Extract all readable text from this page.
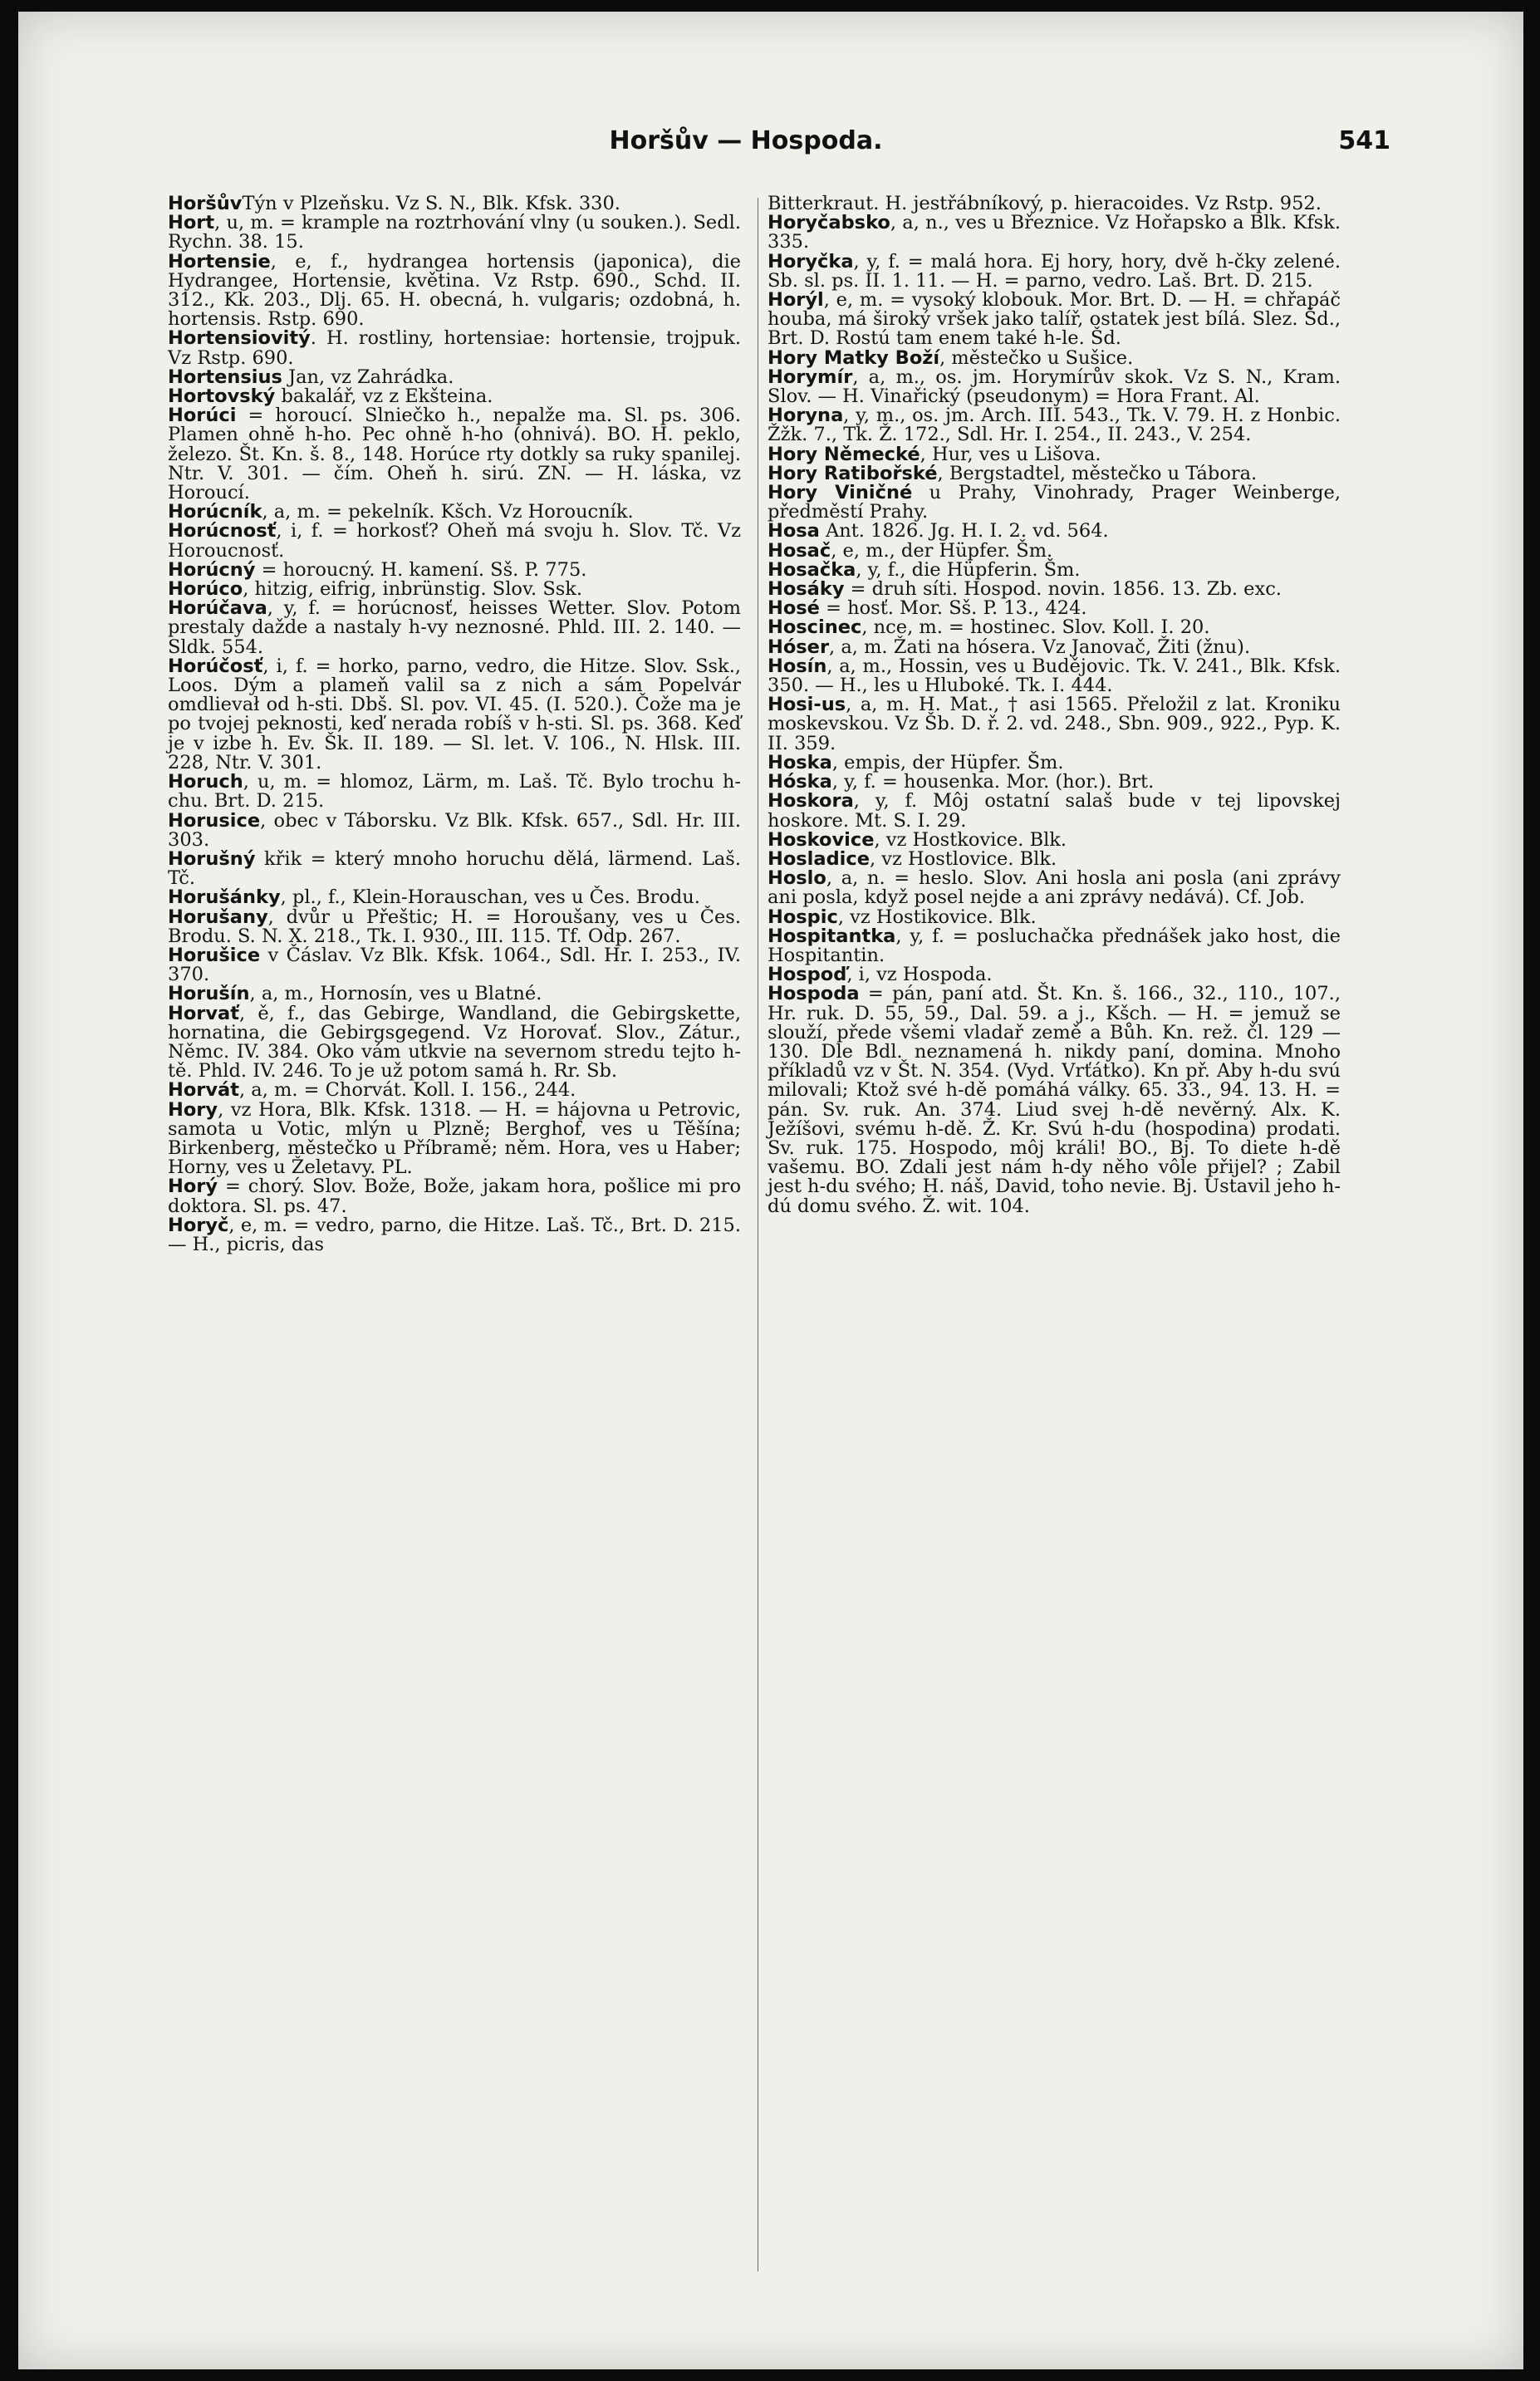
Horšův — Hospoda.	541

HoršůvTýn v Plzeňsku. Vz S. N., Blk. Kfsk. 330.

Hort, u, m. = krample na roztrhování vlny (u souken.). Sedl. Rychn. 38. 15.

Hortensie, e, f., hydrangea hortensis (japonica), die Hydrangee, Hortensie, květina. Vz Rstp. 690., Schd. II. 312., Kk. 203., Dlj. 65. H. obecná, h. vulgaris; ozdobná, h. hortensis. Rstp. 690.

Hortensiovitý. H. rostliny, hortensiae: hortensie, trojpuk. Vz Rstp. 690.

Hortensius Jan, vz Zahrádka.

Hortovský bakalář, vz z Ekšteina.

Horúci = horoucí. Slniečko h., nepalže ma. Sl. ps. 306. Plamen ohně h-ho. Pec ohně h-ho (ohnivá). BO. H. peklo, železo. Št. Kn. š. 8., 148. Horúce rty dotkly sa ruky spanilej. Ntr. V. 301. — čím. Oheň h. sirú. ZN. — H. láska, vz Horoucí.

Horúcník, a, m. = pekelník. Kšch. Vz Horoucník.

Horúcnosť, i, f. = horkosť? Oheň má svoju h. Slov. Tč. Vz Horoucnosť.

Horúcný = horoucný. H. kamení. Sš. P. 775.

Horúco, hitzig, eifrig, inbrünstig. Slov. Ssk.

Horúčava, y, f. = horúcnosť, heisses Wetter. Slov. Potom prestaly dažde a nastaly h-vy neznosné. Phld. III. 2. 140. — Sldk. 554.

Horúčosť, i, f. = horko, parno, vedro, die Hitze. Slov. Ssk., Loos. Dým a plameň valil sa z nich a sám Popelvár omdlievał od h-sti. Dbš. Sl. pov. VI. 45. (I. 520.). Čože ma je po tvojej peknosti, keď nerada robíš v h-sti. Sl. ps. 368. Keď je v izbe h. Ev. Šk. II. 189. — Sl. let. V. 106., N. Hlsk. III. 228, Ntr. V. 301.

Horuch, u, m. = hlomoz, Lärm, m. Laš. Tč. Bylo trochu h-chu. Brt. D. 215.

Horusice, obec v Táborsku. Vz Blk. Kfsk. 657., Sdl. Hr. III. 303.

Horušný křik = který mnoho horuchu dělá, lärmend. Laš. Tč.

Horušánky, pl., f., Klein-Horauschan, ves u Čes. Brodu.

Horušany, dvůr u Přeštic; H. = Horoušany, ves u Čes. Brodu. S. N. X. 218., Tk. I. 930., III. 115. Tf. Odp. 267.

Horušice v Čáslav. Vz Blk. Kfsk. 1064., Sdl. Hr. I. 253., IV. 370.

Horušín, a, m., Hornosín, ves u Blatné.

Horvať, ě, f., das Gebirge, Wandland, die Gebirgskette, hornatina, die Gebirgsgegend. Vz Horovať. Slov., Zátur., Němc. IV. 384. Oko vám utkvie na severnom stredu tejto h-tě. Phld. IV. 246. To je už potom samá h. Rr. Sb.

Horvát, a, m. = Chorvát. Koll. I. 156., 244.

Hory, vz Hora, Blk. Kfsk. 1318. — H. = hájovna u Petrovic, samota u Votic, mlýn u Plzně; Berghof, ves u Těšína; Birkenberg, městečko u Příbramě; něm. Hora, ves u Haber; Horny, ves u Želetavy. PL.

Horý = chorý. Slov. Bože, Bože, jakam hora, pošlice mi pro doktora. Sl. ps. 47.

Horyč, e, m. = vedro, parno, die Hitze. Laš. Tč., Brt. D. 215. — H., picris, das

Bitterkraut. H. jestřábníkový, p. hieracoides. Vz Rstp. 952.

Horyčabsko, a, n., ves u Březnice. Vz Hořapsko a Blk. Kfsk. 335.

Horyčka, y, f. = malá hora. Ej hory, hory, dvě h-čky zelené. Sb. sl. ps. II. 1. 11. — H. = parno, vedro. Laš. Brt. D. 215.

Horýl, e, m. = vysoký klobouk. Mor. Brt. D. — H. = chřapáč houba, má široký vršek jako talíř, ostatek jest bílá. Slez. Šd., Brt. D. Rostú tam enem také h-le. Šd.

Hory Matky Boží, městečko u Sušice.

Horymír, a, m., os. jm. Horymírův skok. Vz S. N., Kram. Slov. — H. Vinařický (pseudonym) = Hora Frant. Al.

Horyna, y, m., os. jm. Arch. III. 543., Tk. V. 79. H. z Honbic. Žžk. 7., Tk. Ž. 172., Sdl. Hr. I. 254., II. 243., V. 254.

Hory Německé, Hur, ves u Lišova.

Hory Ratibořské, Bergstadtel, městečko u Tábora.

Hory Viničné u Prahy, Vinohrady, Prager Weinberge, předměstí Prahy.

Hosa Ant. 1826. Jg. H. I. 2. vd. 564.

Hosač, e, m., der Hüpfer. Šm.

Hosačka, y, f., die Hüpferin. Šm.

Hosáky = druh síti. Hospod. novin. 1856. 13. Zb. exc.

Hosé = hosť. Mor. Sš. P. 13., 424.

Hoscinec, nce, m. = hostinec. Slov. Koll. I. 20.

Hóser, a, m. Žati na hósera. Vz Janovač, Žiti (žnu).

Hosín, a, m., Hossin, ves u Budějovic. Tk. V. 241., Blk. Kfsk. 350. — H., les u Hluboké. Tk. I. 444.

Hosi-us, a, m. H. Mat., † asi 1565. Přeložil z lat. Kroniku moskevskou. Vz Šb. D. ř. 2. vd. 248., Sbn. 909., 922., Pyp. K. II. 359.

Hoska, empis, der Hüpfer. Šm.

Hóska, y, f. = housenka. Mor. (hor.). Brt.

Hoskora, y, f. Môj ostatní salaš bude v tej lipovskej hoskore. Mt. S. I. 29.

Hoskovice, vz Hostkovice. Blk.

Hosladice, vz Hostlovice. Blk.

Hoslo, a, n. = heslo. Slov. Ani hosla ani posla (ani zprávy ani posla, když posel nejde a ani zprávy nedává). Cf. Job.

Hospic, vz Hostikovice. Blk.

Hospitantka, y, f. = posluchačka přednášek jako host, die Hospitantin.

Hospoď, i, vz Hospoda.

Hospoda = pán, paní atd. Št. Kn. š. 166., 32., 110., 107., Hr. ruk. D. 55, 59., Dal. 59. a j., Kšch. — H. = jemuž se slouží, přede všemi vladař země a Bůh. Kn. rež. čl. 129 — 130. Dle Bdl. neznamená h. nikdy paní, domina. Mnoho příkladů vz v Št. N. 354. (Vyd. Vrťátko). Kn př. Aby h-du svú milovali; Ktož své h-dě pomáhá války. 65. 33., 94. 13. H. = pán. Sv. ruk. An. 374. Liud svej h-dě nevěrný. Alx. K. Ježíšovi, svému h-dě. Ž. Kr. Svú h-du (hospodina) prodati. Sv. ruk. 175. Hospodo, môj králi! BO., Bj. To diete h-dě vašemu. BO. Zdali jest nám h-dy něho vôle přijel? ; Zabil jest h-du svého; H. náš, David, toho nevie. Bj. Ustavil jeho h-dú domu svého. Ž. wit. 104.
